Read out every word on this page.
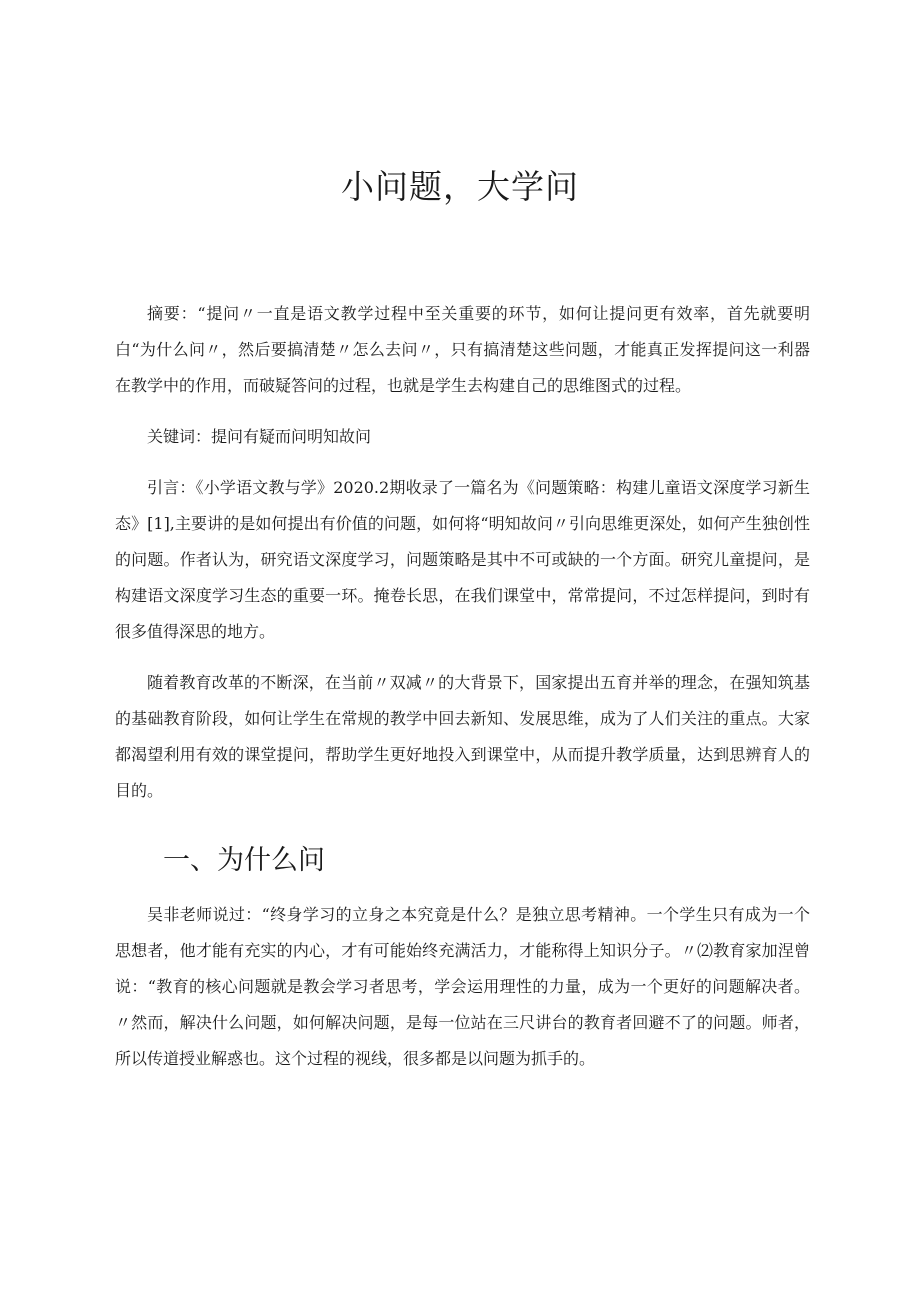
小问题，大学问

摘要：“提问〃一直是语文教学过程中至关重要的环节，如何让提问更有效率，首先就要明白“为什么问〃，然后要搞清楚〃怎么去问〃，只有搞清楚这些问题，才能真正发挥提问这一利器在教学中的作用，而破疑答问的过程，也就是学生去构建自己的思维图式的过程。

关键词：提问有疑而问明知故问

引言：《小学语文教与学》2020.2期收录了一篇名为《问题策略：构建儿童语文深度学习新生态》[1],主要讲的是如何提出有价值的问题，如何将“明知故问〃引向思维更深处，如何产生独创性的问题。作者认为，研究语文深度学习，问题策略是其中不可或缺的一个方面。研究儿童提问，是构建语文深度学习生态的重要一环。掩卷长思，在我们课堂中，常常提问，不过怎样提问，到时有很多值得深思的地方。

随着教育改革的不断深，在当前〃双减〃的大背景下，国家提出五育并举的理念，在强知筑基的基础教育阶段，如何让学生在常规的教学中回去新知、发展思维，成为了人们关注的重点。大家都渴望利用有效的课堂提问，帮助学生更好地投入到课堂中，从而提升教学质量，达到思辨育人的目的。

一、为什么问

吴非老师说过：“终身学习的立身之本究竟是什么？是独立思考精神。一个学生只有成为一个思想者，他才能有充实的内心，才有可能始终充满活力，才能称得上知识分子。〃⑵教育家加涅曾说：“教育的核心问题就是教会学习者思考，学会运用理性的力量，成为一个更好的问题解决者。〃然而，解决什么问题，如何解决问题，是每一位站在三尺讲台的教育者回避不了的问题。师者，所以传道授业解惑也。这个过程的视线，很多都是以问题为抓手的。
